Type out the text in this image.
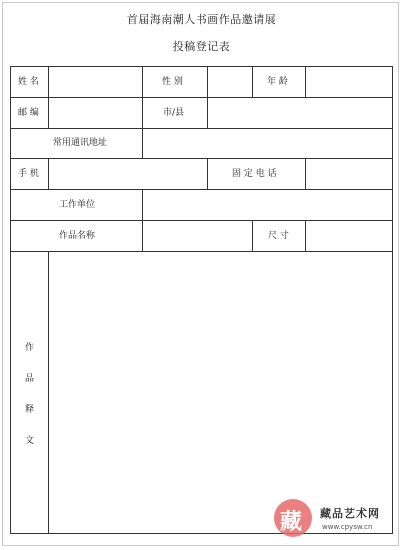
首届海南潮人书画作品邀请展
投稿登记表
姓 名	性 别	年 龄
邮 编	市/县
常用通讯地址
手 机	固 定 电 话
工作单位
作品名称	尺 寸
作
品
释
文
藏 藏品艺术网
www.cpysw.cn
